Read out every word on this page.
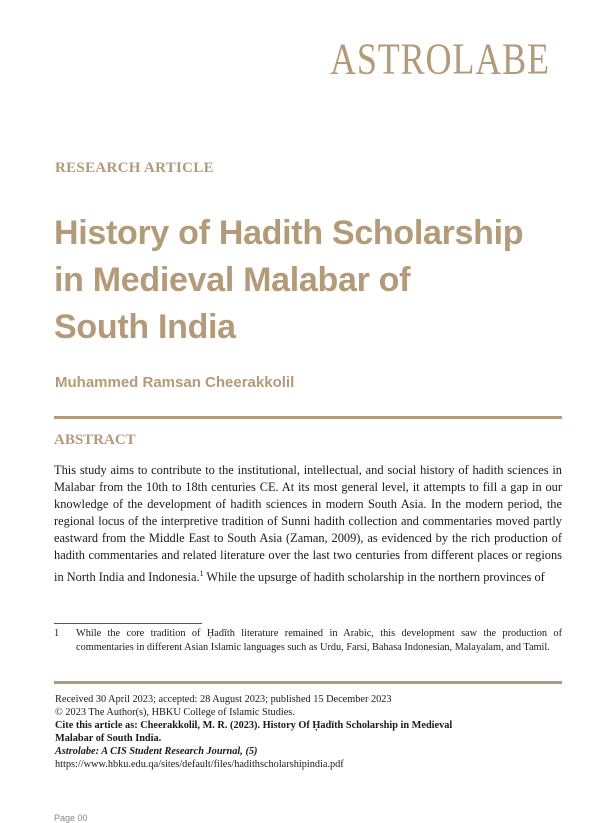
ASTROLABE
RESEARCH ARTICLE
History of Hadith Scholarship
in Medieval Malabar of
South India
Muhammed Ramsan Cheerakkolil
ABSTRACT
This study aims to contribute to the institutional, intellectual, and social history of hadith sciences in Malabar from the 10th to 18th centuries CE. At its most general level, it attempts to fill a gap in our knowledge of the development of hadith sciences in modern South Asia. In the modern period, the regional locus of the interpretive tradition of Sunni hadith collection and commentaries moved partly eastward from the Middle East to South Asia (Zaman, 2009), as evidenced by the rich production of hadith commentaries and related literature over the last two centuries from different places or regions in North India and Indonesia.$^1$ While the upsurge of hadith scholarship in the northern provinces of
1 While the core tradition of Ḥadīth literature remained in Arabic, this development saw the production of commentaries in different Asian Islamic languages such as Urdu, Farsi, Bahasa Indonesian, Malayalam, and Tamil.
Received 30 April 2023; accepted: 28 August 2023; published 15 December 2023
© 2023 The Author(s), HBKU College of Islamic Studies.
Cite this article as: Cheerakkolil, M. R. (2023). History Of Ḥadīth Scholarship in Medieval
Malabar of South India.
Astrolabe: A CIS Student Research Journal, (5)
https://www.hbku.edu.qa/sites/default/files/hadithscholarshipindia.pdf
Page 00
